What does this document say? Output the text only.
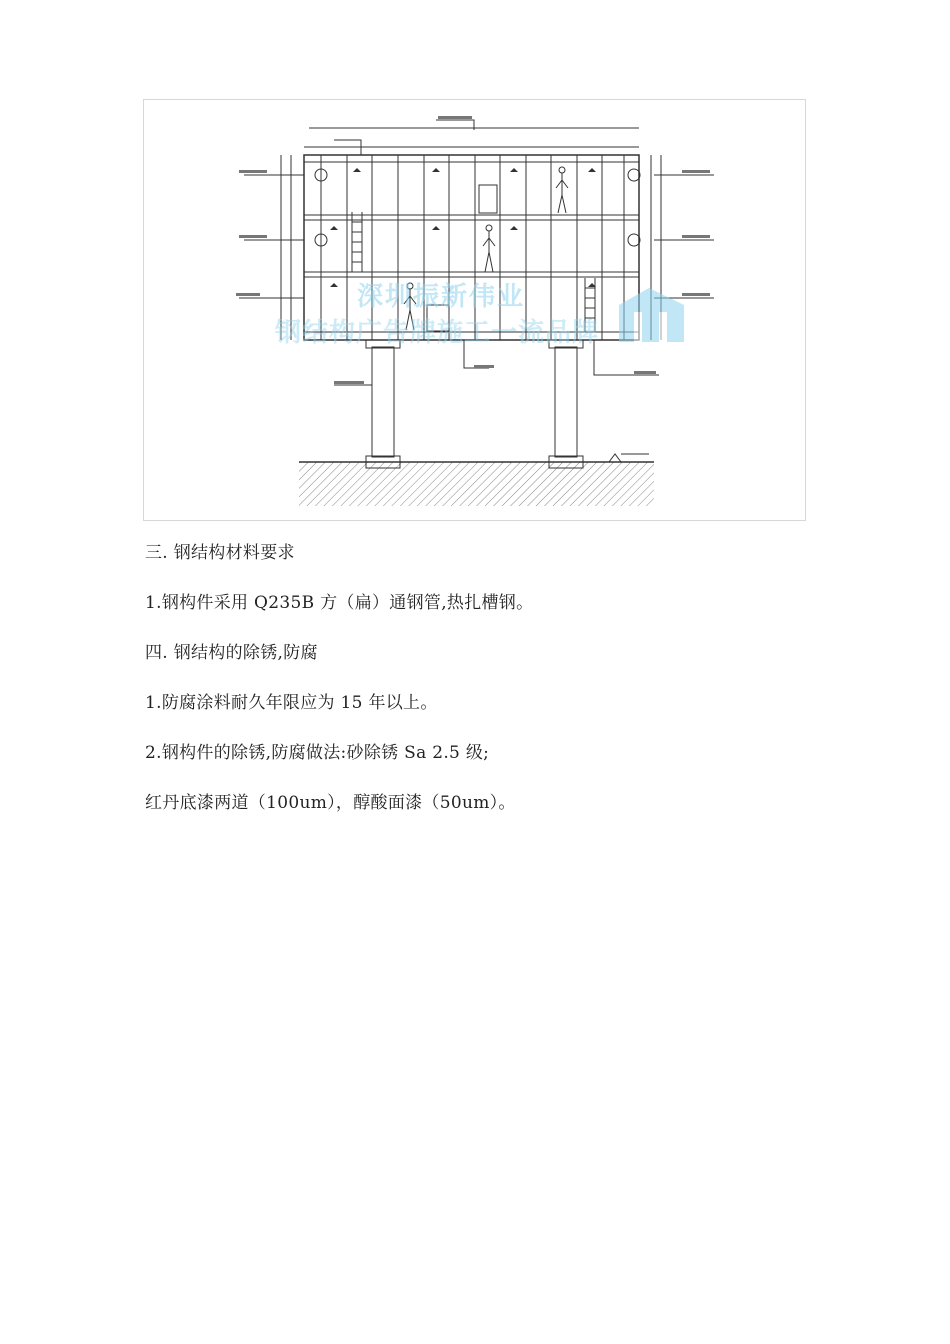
深圳振新伟业
钢结构广告牌施工一流品牌
三. 钢结构材料要求
1.钢构件采用 Q235B 方（扁）通钢管,热扎槽钢。
四. 钢结构的除锈,防腐
1.防腐涂料耐久年限应为 15 年以上。
2.钢构件的除锈,防腐做法:砂除锈 Sa 2.5 级;
红丹底漆两道（100um），醇酸面漆（50um）。
